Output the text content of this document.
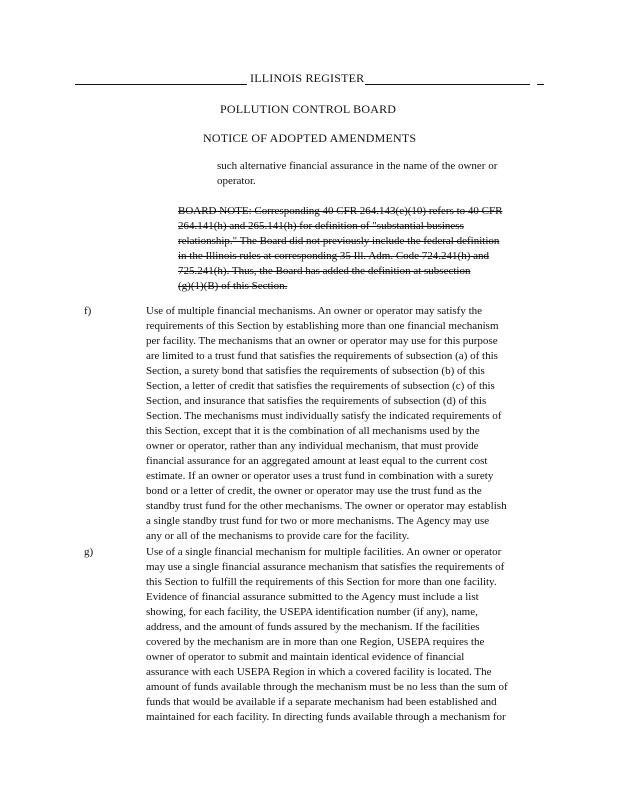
ILLINOIS REGISTER
POLLUTION CONTROL BOARD
NOTICE OF ADOPTED AMENDMENTS
such alternative financial assurance in the name of the owner or
operator.
BOARD NOTE: Corresponding 40 CFR 264.143(e)(10) refers to 40 CFR
264.141(h) and 265.141(h) for definition of "substantial business
relationship." The Board did not previously include the federal definition
in the Illinois rules at corresponding 35 Ill. Adm. Code 724.241(h) and
725.241(h). Thus, the Board has added the definition at subsection
(g)(1)(B) of this Section.
f)	Use of multiple financial mechanisms. An owner or operator may satisfy the
requirements of this Section by establishing more than one financial mechanism
per facility. The mechanisms that an owner or operator may use for this purpose
are limited to a trust fund that satisfies the requirements of subsection (a) of this
Section, a surety bond that satisfies the requirements of subsection (b) of this
Section, a letter of credit that satisfies the requirements of subsection (c) of this
Section, and insurance that satisfies the requirements of subsection (d) of this
Section. The mechanisms must individually satisfy the indicated requirements of
this Section, except that it is the combination of all mechanisms used by the
owner or operator, rather than any individual mechanism, that must provide
financial assurance for an aggregated amount at least equal to the current cost
estimate. If an owner or operator uses a trust fund in combination with a surety
bond or a letter of credit, the owner or operator may use the trust fund as the
standby trust fund for the other mechanisms. The owner or operator may establish
a single standby trust fund for two or more mechanisms. The Agency may use
any or all of the mechanisms to provide care for the facility.
g)	Use of a single financial mechanism for multiple facilities. An owner or operator
may use a single financial assurance mechanism that satisfies the requirements of
this Section to fulfill the requirements of this Section for more than one facility.
Evidence of financial assurance submitted to the Agency must include a list
showing, for each facility, the USEPA identification number (if any), name,
address, and the amount of funds assured by the mechanism. If the facilities
covered by the mechanism are in more than one Region, USEPA requires the
owner of operator to submit and maintain identical evidence of financial
assurance with each USEPA Region in which a covered facility is located. The
amount of funds available through the mechanism must be no less than the sum of
funds that would be available if a separate mechanism had been established and
maintained for each facility. In directing funds available through a mechanism for
